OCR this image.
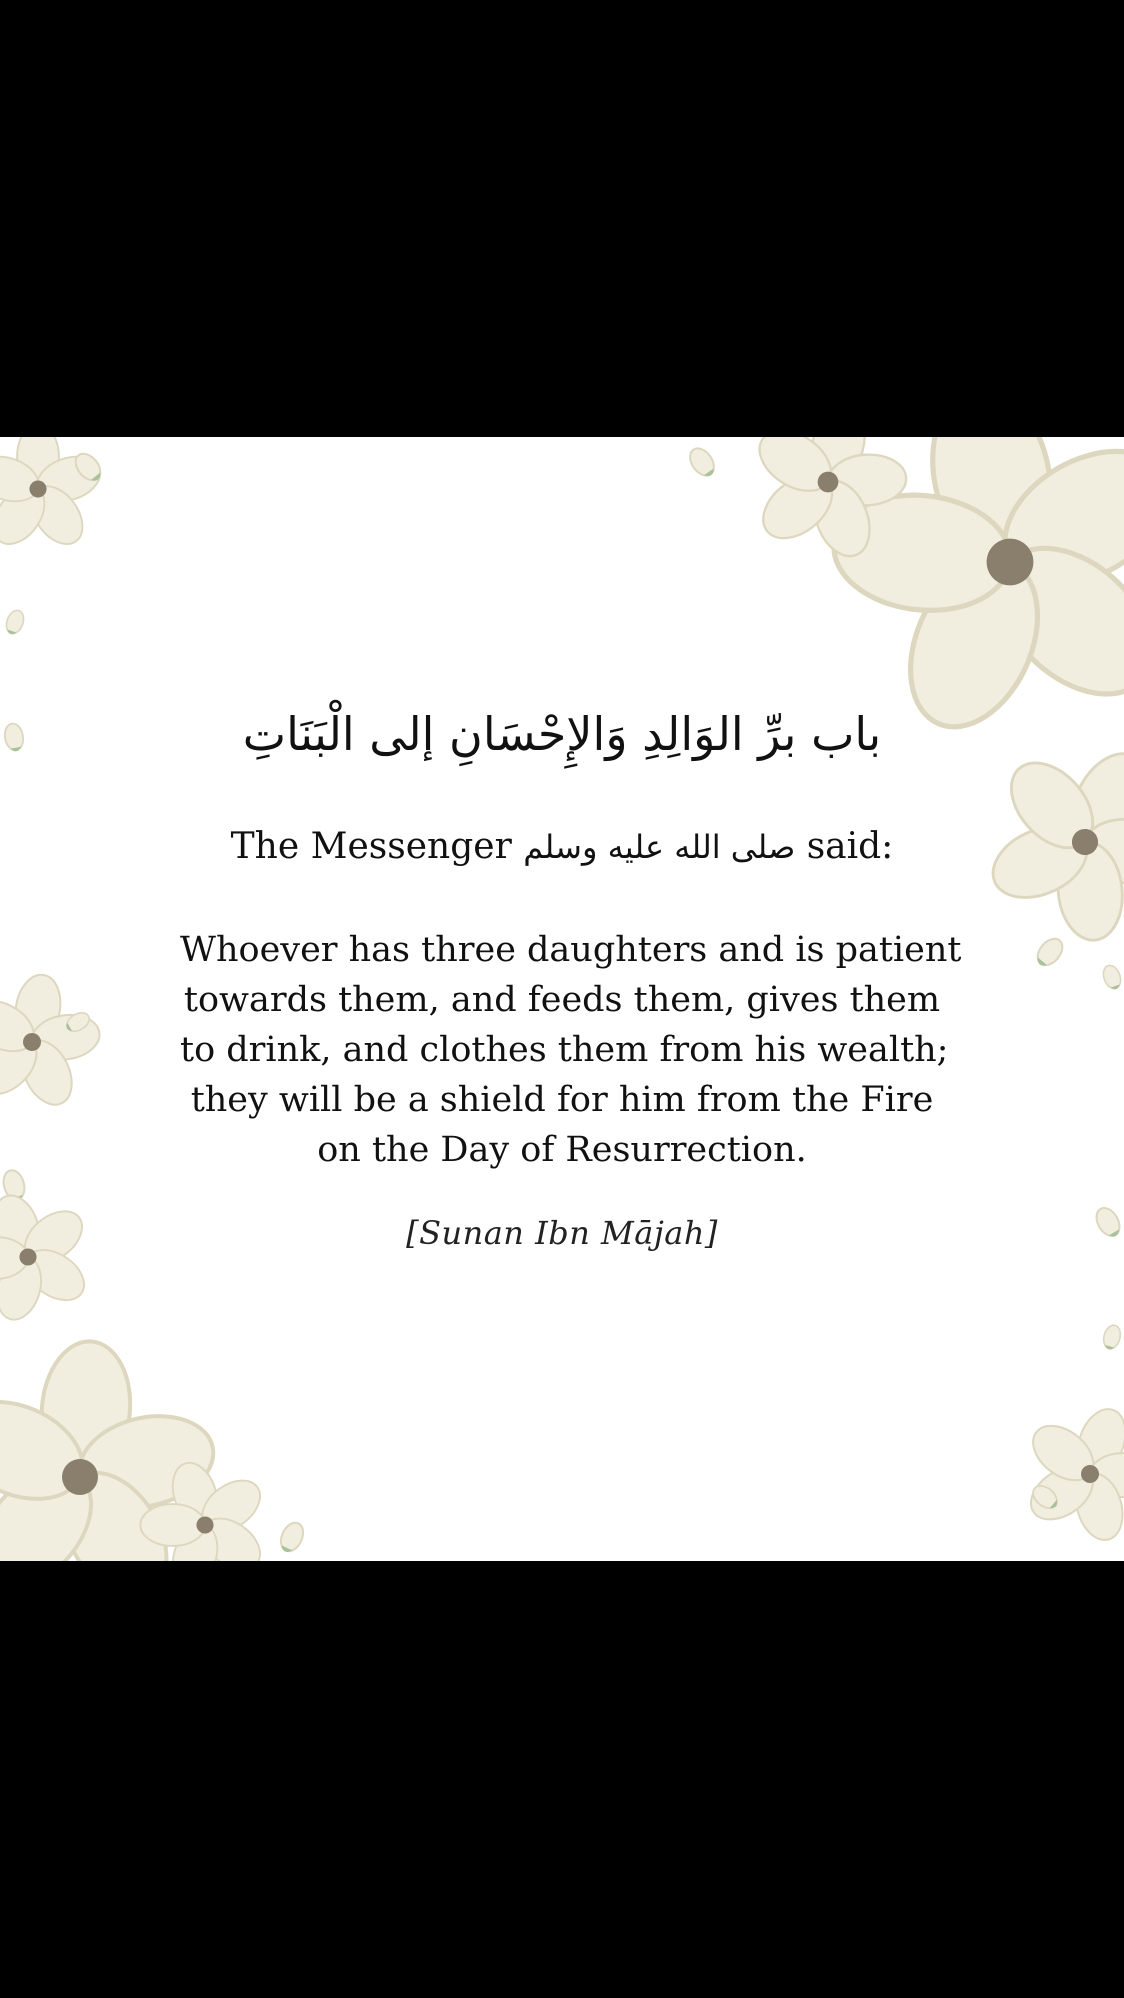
باب برِّ الوَالِدِ وَالإِحْسَانِ إلى الْبَنَاتِ
The Messenger صلى الله عليه وسلم said:
Whoever has three daughters and is patient
towards them, and feeds them, gives them
to drink, and clothes them from his wealth;
they will be a shield for him from the Fire
on the Day of Resurrection.
[Sunan Ibn Mājah]
